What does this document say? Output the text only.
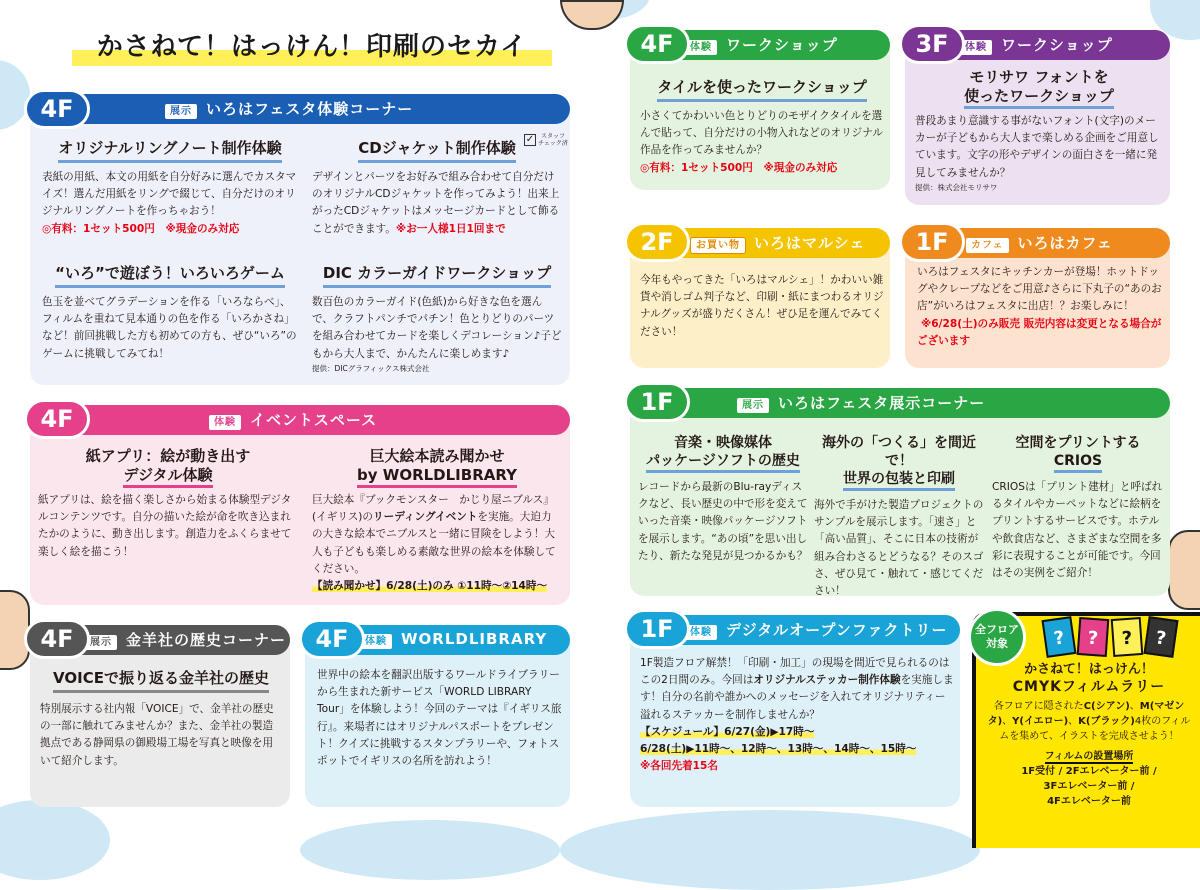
かさねて！はっけん！印刷のセカイ
展示 いろはフェスタ体験コーナー
4F
オリジナルリングノート制作体験
表紙の用紙、本文の用紙を自分好みに選んでカスタマイズ！選んだ用紙をリングで綴じて、自分だけのオリジナルリングノートを作っちゃおう！
◎有料：1セット500円　※現金のみ対応
CDジャケット制作体験 ✓	スタッフチェック済
デザインとパーツをお好みで組み合わせて自分だけのオリジナルCDジャケットを作ってみよう！出来上がったCDジャケットはメッセージカードとして飾ることができます。※お一人様1日1回まで
“いろ”で遊ぼう！いろいろゲーム
色玉を並べてグラデーションを作る「いろならべ」、フィルムを重ねて見本通りの色を作る「いろかさね」など！前回挑戦した方も初めての方も、ぜひ“いろ”のゲームに挑戦してみてね！
DIC カラーガイドワークショップ
数百色のカラーガイド(色紙)から好きな色を選んで、クラフトパンチでパチン！色とりどりのパーツを組み合わせてカードを楽しくデコレーション♪子どもから大人まで、かんたんに楽しめます♪
提供：DICグラフィックス株式会社
体験 イベントスペース
4F
紙アプリ：絵が動き出す
デジタル体験
紙アプリは、絵を描く楽しさから始まる体験型デジタルコンテンツです。自分の描いた絵が命を吹き込まれたかのように、動き出します。創造力をふくらませて楽しく絵を描こう！
巨大絵本読み聞かせ
by WORLDLIBRARY
巨大絵本『ブックモンスター　かじり屋ニブルス』(イギリス)のリーディングイベントを実施。大迫力の大きな絵本でニブルスと一緒に冒険をしよう！大人も子どもも楽しめる素敵な世界の絵本を体験してください。
【読み聞かせ】6/28(土)のみ ①11時～②14時～
展示 金羊社の歴史コーナー
4F
VOICEで振り返る金羊社の歴史
特別展示する社内報「VOICE」で、金羊社の歴史の一部に触れてみませんか？また、金羊社の製造拠点である静岡県の御殿場工場を写真と映像を用いて紹介します。
体験 WORLDLIBRARY
4F
世界中の絵本を翻訳出版するワールドライブラリーから生まれた新サービス「WORLD LIBRARY Tour」を体験しよう！今回のテーマは『イギリス旅行』。来場者にはオリジナルパスポートをプレゼント！クイズに挑戦するスタンプラリーや、フォトスポットでイギリスの名所を訪れよう！
体験 ワークショップ
4F
タイルを使ったワークショップ
小さくてかわいい色とりどりのモザイクタイルを選んで貼って、自分だけの小物入れなどのオリジナル作品を作ってみませんか？
◎有料：1セット500円　※現金のみ対応
体験 ワークショップ
3F
モリサワ フォントを
使ったワークショップ
普段あまり意識する事がないフォント(文字)のメーカーが子どもから大人まで楽しめる企画をご用意しています。文字の形やデザインの面白さを一緒に発見してみませんか？
提供：株式会社モリサワ
お買い物 いろはマルシェ
2F
今年もやってきた「いろはマルシェ」！かわいい雑貨や消しゴム判子など、印刷・紙にまつわるオリジナルグッズが盛りだくさん！ぜひ足を運んでみてください！
カフェ いろはカフェ
1F
いろはフェスタにキッチンカーが登場！ホットドッグやクレープなどをご用意♪さらに下丸子の“あのお店”がいろはフェスタに出店！？お楽しみに！※6/28(土)のみ販売 販売内容は変更となる場合がございます
展示 いろはフェスタ展示コーナー
1F
音楽・映像媒体
パッケージソフトの歴史
レコードから最新のBlu-rayディスクなど、長い歴史の中で形を変えていった音楽・映像パッケージソフトを展示します。“あの頃”を思い出したり、新たな発見が見つかるかも？
海外の「つくる」を間近で！
世界の包装と印刷
海外で手がけた製造プロジェクトのサンプルを展示します。「速さ」と「高い品質」、そこに日本の技術が組み合わさるとどうなる？そのスゴさ、ぜひ見て・触れて・感じてください！
空間をプリントする
CRIOS
CRIOSは「プリント建材」と呼ばれるタイルやカーペットなどに絵柄をプリントするサービスです。ホテルや飲食店など、さまざまな空間を多彩に表現することが可能です。今回はその実例をご紹介！
体験 デジタルオープンファクトリー
1F
1F製造フロア解禁！「印刷・加工」の現場を間近で見られるのはこの2日間のみ。今回はオリジナルステッカー制作体験を実施します！自分の名前や誰かへのメッセージを入れてオリジナリティー溢れるステッカーを制作しませんか？
【スケジュール】6/27(金)▶17時～
6/28(土)▶11時～、12時～、13時～、14時～、15時～
※各回先着15名
全フロア
対象	?	?	?	?
かさねて！はっけん！
CMYKフィルムラリー
各フロアに隠されたC(シアン)、M(マゼンタ)、Y(イエロー)、K(ブラック)4枚のフィルムを集めて、イラストを完成させよう！
フィルムの設置場所
1F受付 / 2Fエレベーター前 /
3Fエレベーター前 /
4Fエレベーター前
